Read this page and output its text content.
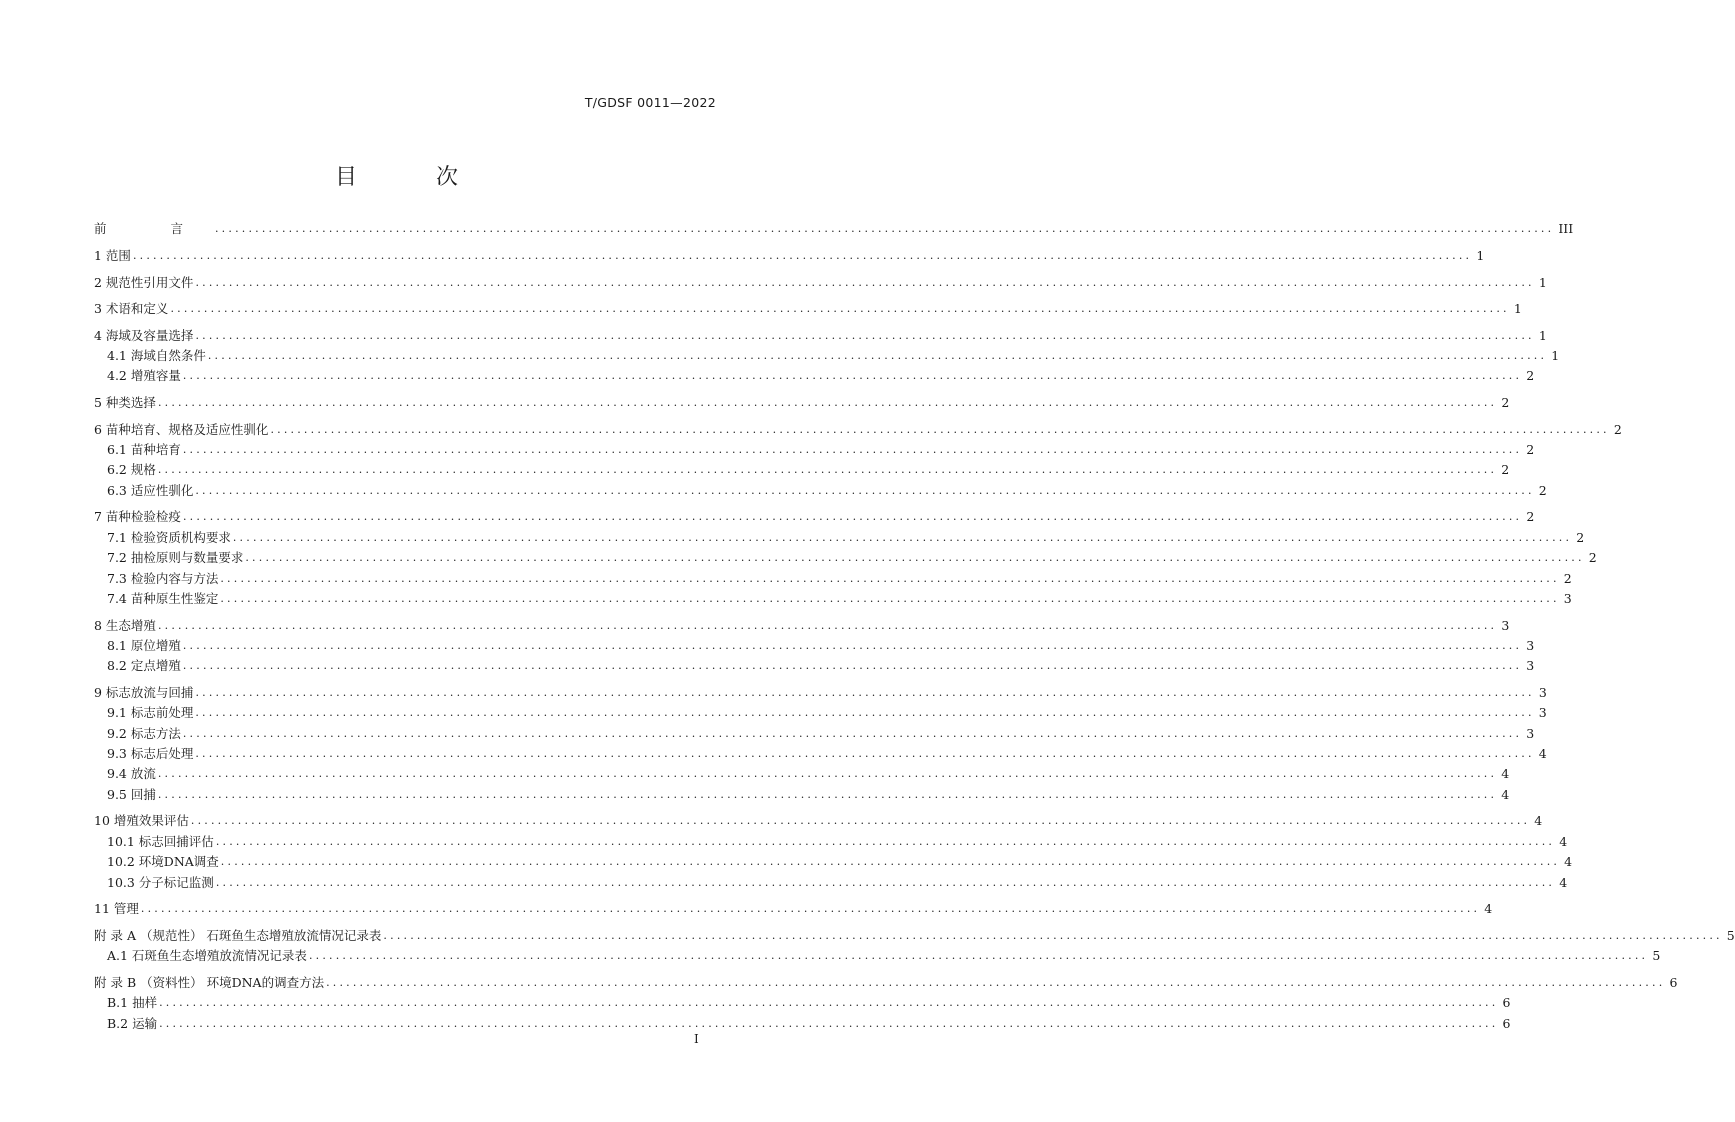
T/GDSF 0011—2022
目 次
前 言 ........................................................................................................................................................................................................ III
1 范围 ........................................................................................................................................................................................................ 1
2 规范性引用文件 ........................................................................................................................................................................................................ 1
3 术语和定义 ........................................................................................................................................................................................................ 1
4 海域及容量选择 ........................................................................................................................................................................................................ 1
4.1 海域自然条件 ........................................................................................................................................................................................................ 1
4.2 增殖容量 ........................................................................................................................................................................................................ 2
5 种类选择 ........................................................................................................................................................................................................ 2
6 苗种培育、规格及适应性驯化 ........................................................................................................................................................................................................ 2
6.1 苗种培育 ........................................................................................................................................................................................................ 2
6.2 规格 ........................................................................................................................................................................................................ 2
6.3 适应性驯化 ........................................................................................................................................................................................................ 2
7 苗种检验检疫 ........................................................................................................................................................................................................ 2
7.1 检验资质机构要求 ........................................................................................................................................................................................................ 2
7.2 抽检原则与数量要求 ........................................................................................................................................................................................................ 2
7.3 检验内容与方法 ........................................................................................................................................................................................................ 2
7.4 苗种原生性鉴定 ........................................................................................................................................................................................................ 3
8 生态增殖 ........................................................................................................................................................................................................ 3
8.1 原位增殖 ........................................................................................................................................................................................................ 3
8.2 定点增殖 ........................................................................................................................................................................................................ 3
9 标志放流与回捕 ........................................................................................................................................................................................................ 3
9.1 标志前处理 ........................................................................................................................................................................................................ 3
9.2 标志方法 ........................................................................................................................................................................................................ 3
9.3 标志后处理 ........................................................................................................................................................................................................ 4
9.4 放流 ........................................................................................................................................................................................................ 4
9.5 回捕 ........................................................................................................................................................................................................ 4
10 增殖效果评估 ........................................................................................................................................................................................................ 4
10.1 标志回捕评估 ........................................................................................................................................................................................................ 4
10.2 环境DNA调查 ........................................................................................................................................................................................................ 4
10.3 分子标记监测 ........................................................................................................................................................................................................ 4
11 管理 ........................................................................................................................................................................................................ 4
附 录 A （规范性） 石斑鱼生态增殖放流情况记录表 ........................................................................................................................................................................................................ 5
A.1 石斑鱼生态增殖放流情况记录表 ........................................................................................................................................................................................................ 5
附 录 B （资料性） 环境DNA的调查方法 ........................................................................................................................................................................................................ 6
B.1 抽样 ........................................................................................................................................................................................................ 6
B.2 运输 ........................................................................................................................................................................................................ 6
I
